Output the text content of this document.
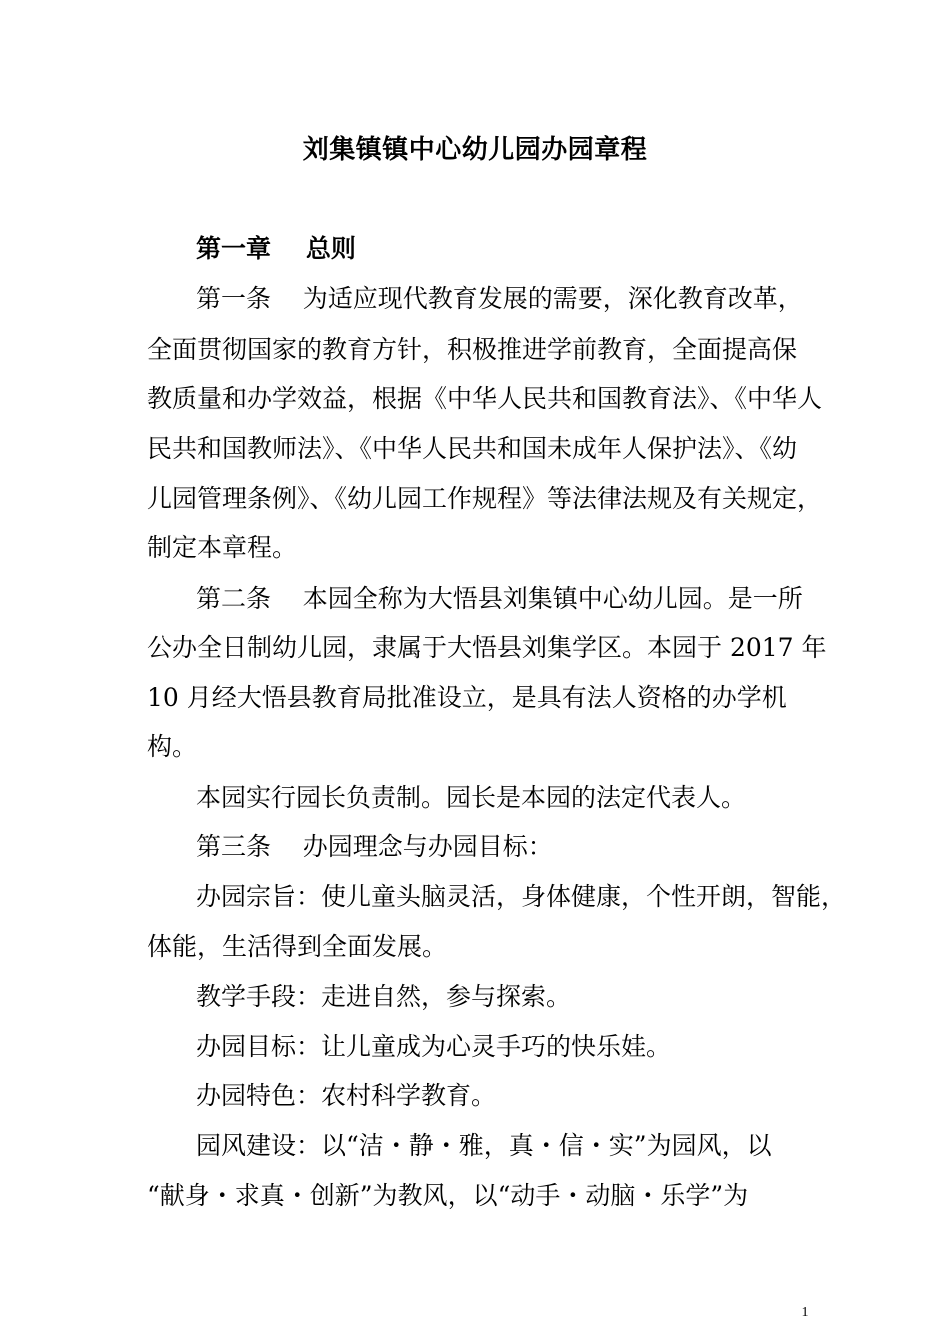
刘集镇镇中心幼儿园办园章程
第一章    总则
第一条    为适应现代教育发展的需要，深化教育改革，
全面贯彻国家的教育方针，积极推进学前教育，全面提高保
教质量和办学效益，根据《中华人民共和国教育法》、《中华人
民共和国教师法》、《中华人民共和国未成年人保护法》、《幼
儿园管理条例》、《幼儿园工作规程》等法律法规及有关规定，
制定本章程。
第二条    本园全称为大悟县刘集镇中心幼儿园。是一所
公办全日制幼儿园，隶属于大悟县刘集学区。本园于 2017 年
10 月经大悟县教育局批准设立，是具有法人资格的办学机
构。
本园实行园长负责制。园长是本园的法定代表人。
第三条    办园理念与办园目标：
办园宗旨：使儿童头脑灵活，身体健康，个性开朗，智能，
体能，生活得到全面发展。
教学手段：走进自然，参与探索。
办园目标：让儿童成为心灵手巧的快乐娃。
办园特色：农村科学教育。
园风建设：以“洁・静・雅，真・信・实”为园风，以
“献身・求真・创新”为教风，以“动手・动脑・乐学”为
1
